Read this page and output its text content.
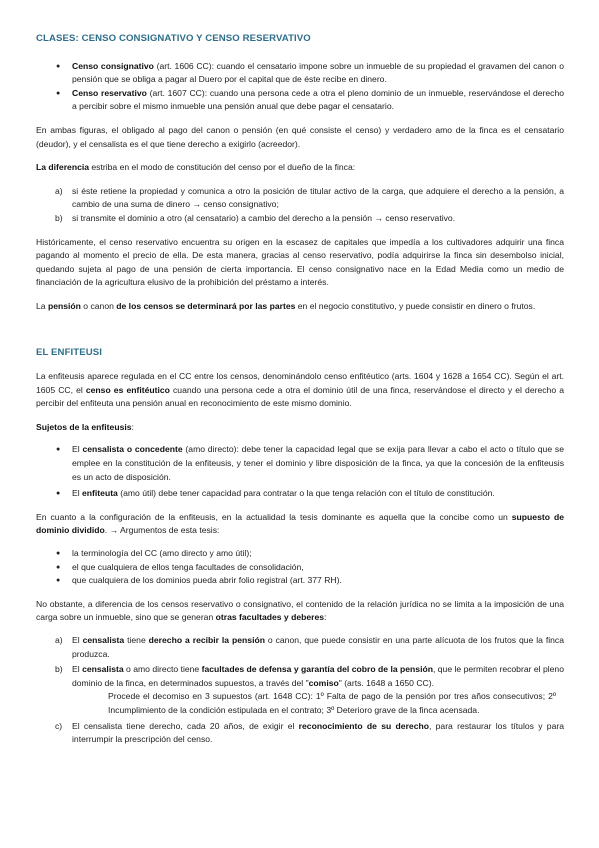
CLASES: CENSO CONSIGNATIVO Y CENSO RESERVATIVO
● Censo consignativo (art. 1606 CC): cuando el censatario impone sobre un inmueble de su propiedad el gravamen del canon o pensión que se obliga a pagar al Duero por el capital que de éste recibe en dinero.
● Censo reservativo (art. 1607 CC): cuando una persona cede a otra el pleno dominio de un inmueble, reservándose el derecho a percibir sobre el mismo inmueble una pensión anual que debe pagar el censatario.

En ambas figuras, el obligado al pago del canon o pensión (en qué consiste el censo) y verdadero amo de la finca es el censatario (deudor), y el censalista es el que tiene derecho a exigirlo (acreedor).

La diferencia estriba en el modo de constitución del censo por el dueño de la finca:

a) si éste retiene la propiedad y comunica a otro la posición de titular activo de la carga, que adquiere el derecho a la pensión, a cambio de una suma de dinero → censo consignativo;
b) si transmite el dominio a otro (al censatario) a cambio del derecho a la pensión → censo reservativo.

Históricamente, el censo reservativo encuentra su origen en la escasez de capitales que impedía a los cultivadores adquirir una finca pagando al momento el precio de ella. De esta manera, gracias al censo reservativo, podía adquirirse la finca sin desembolso inicial, quedando sujeta al pago de una pensión de cierta importancia. El censo consignativo nace en la Edad Media como un medio de financiación de la agricultura elusivo de la prohibición del préstamo a interés.

La pensión o canon de los censos se determinará por las partes en el negocio constitutivo, y puede consistir en dinero o frutos.

EL ENFITEUSI

La enfiteusis aparece regulada en el CC entre los censos, denominándolo censo enfitéutico (arts. 1604 y 1628 a 1654 CC). Según el art. 1605 CC, el censo es enfitéutico cuando una persona cede a otra el dominio útil de una finca, reservándose el directo y el derecho a percibir del enfiteuta una pensión anual en reconocimiento de este mismo dominio.

Sujetos de la enfiteusis:

● El censalista o concedente (amo directo): debe tener la capacidad legal que se exija para llevar a cabo el acto o título que se emplee en la constitución de la enfiteusis, y tener el dominio y libre disposición de la finca, ya que la concesión de la enfiteusis es un acto de disposición.
● El enfiteuta (amo útil) debe tener capacidad para contratar o la que tenga relación con el título de constitución.

En cuanto a la configuración de la enfiteusis, en la actualidad la tesis dominante es aquella que la concibe como un supuesto de dominio dividido. → Argumentos de esta tesis:

● la terminología del CC (amo directo y amo útil);
● el que cualquiera de ellos tenga facultades de consolidación,
● que cualquiera de los dominios pueda abrir folio registral (art. 377 RH).

No obstante, a diferencia de los censos reservativo o consignativo, el contenido de la relación jurídica no se limita a la imposición de una carga sobre un inmueble, sino que se generan otras facultades y deberes:

a) El censalista tiene derecho a recibir la pensión o canon, que puede consistir en una parte alícuota de los frutos que la finca produzca.
b) El censalista o amo directo tiene facultades de defensa y garantía del cobro de la pensión, que le permiten recobrar el pleno dominio de la finca, en determinados supuestos, a través del "comiso" (arts. 1648 a 1650 CC).

Procede el decomiso en 3 supuestos (art. 1648 CC): 1º Falta de pago de la pensión por tres años consecutivos; 2º Incumplimiento de la condición estipulada en el contrato; 3º Deterioro grave de la finca acensada.

c) El censalista tiene derecho, cada 20 años, de exigir el reconocimiento de su derecho, para restaurar los títulos y para interrumpir la prescripción del censo.
